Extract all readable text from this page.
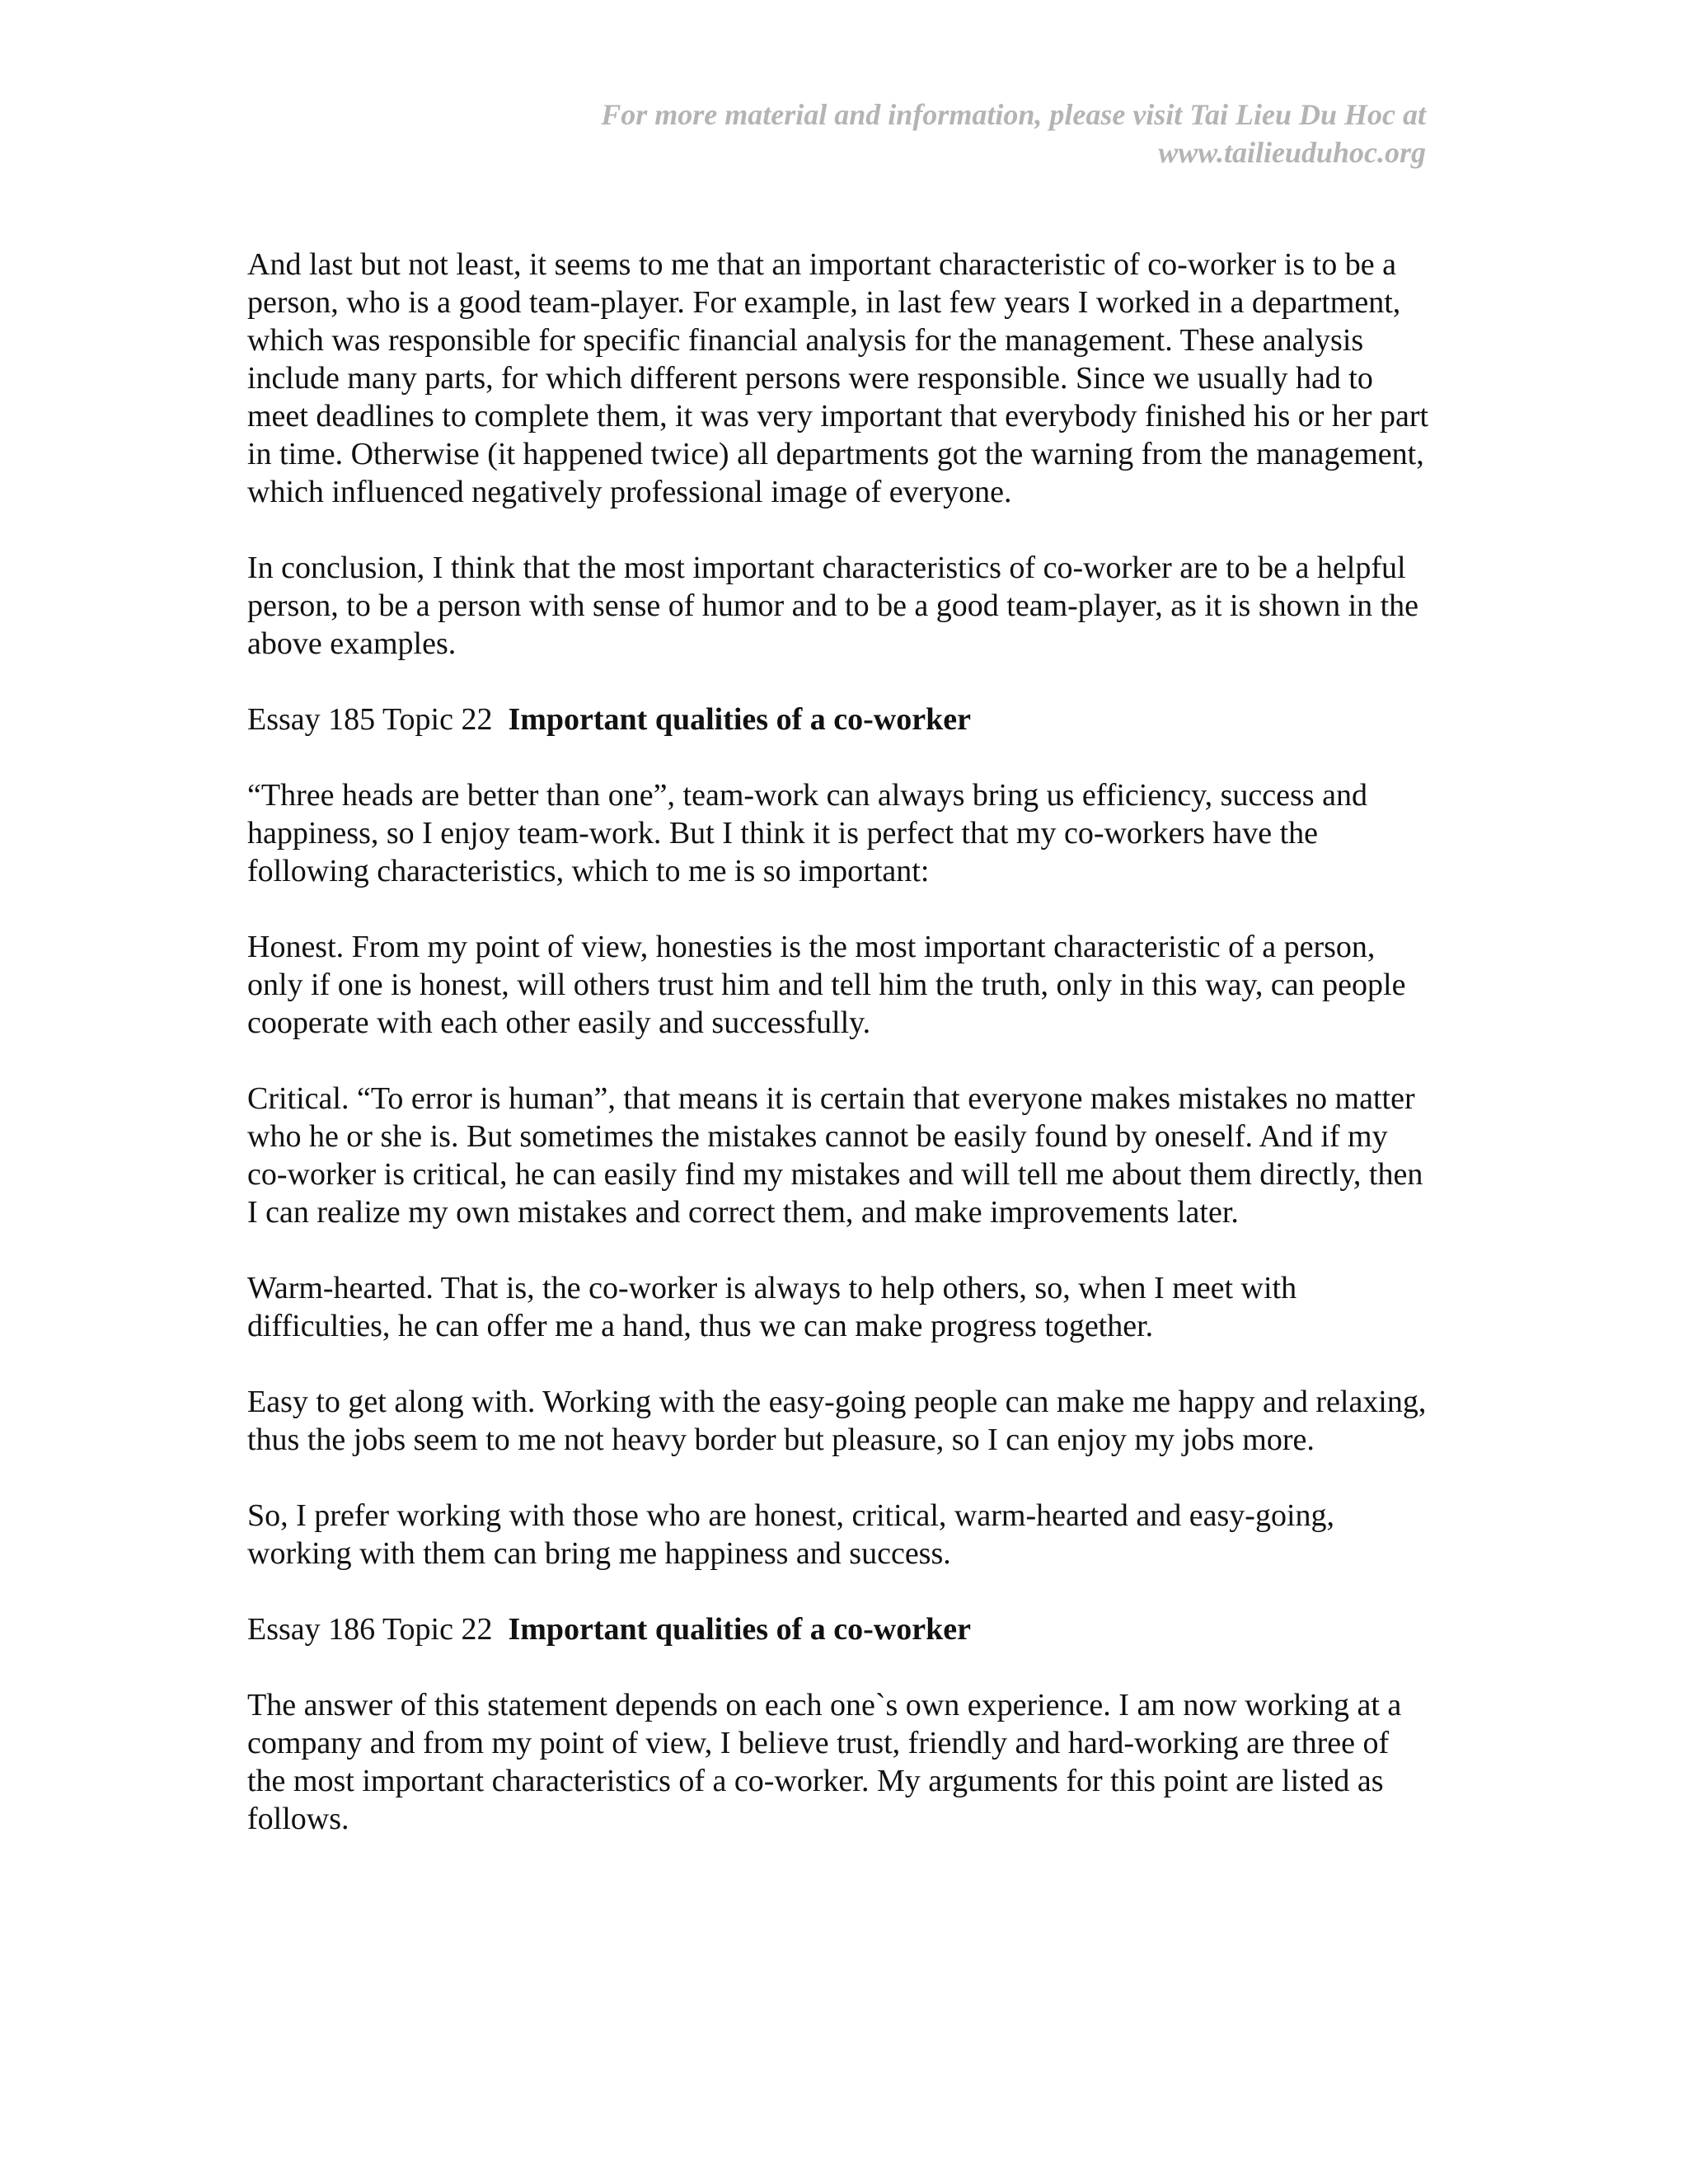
For more material and information, please visit Tai Lieu Du Hoc at
www.tailieuduhoc.org

And last but not least, it seems to me that an important characteristic of co-worker is to be a person, who is a good team-player. For example, in last few years I worked in a department, which was responsible for specific financial analysis for the management. These analysis include many parts, for which different persons were responsible. Since we usually had to meet deadlines to complete them, it was very important that everybody finished his or her part in time. Otherwise (it happened twice) all departments got the warning from the management, which influenced negatively professional image of everyone.

In conclusion, I think that the most important characteristics of co-worker are to be a helpful person, to be a person with sense of humor and to be a good team-player, as it is shown in the above examples.

Essay 185 Topic 22 Important qualities of a co-worker

“Three heads are better than one”, team-work can always bring us efficiency, success and happiness, so I enjoy team-work. But I think it is perfect that my co-workers have the following characteristics, which to me is so important:

Honest. From my point of view, honesties is the most important characteristic of a person, only if one is honest, will others trust him and tell him the truth, only in this way, can people cooperate with each other easily and successfully.

Critical. “To error is human”, that means it is certain that everyone makes mistakes no matter who he or she is. But sometimes the mistakes cannot be easily found by oneself. And if my co-worker is critical, he can easily find my mistakes and will tell me about them directly, then I can realize my own mistakes and correct them, and make improvements later.

Warm-hearted. That is, the co-worker is always to help others, so, when I meet with difficulties, he can offer me a hand, thus we can make progress together.

Easy to get along with. Working with the easy-going people can make me happy and relaxing, thus the jobs seem to me not heavy border but pleasure, so I can enjoy my jobs more.

So, I prefer working with those who are honest, critical, warm-hearted and easy-going, working with them can bring me happiness and success.

Essay 186 Topic 22 Important qualities of a co-worker

The answer of this statement depends on each one`s own experience. I am now working at a company and from my point of view, I believe trust, friendly and hard-working are three of the most important characteristics of a co-worker. My arguments for this point are listed as follows.
